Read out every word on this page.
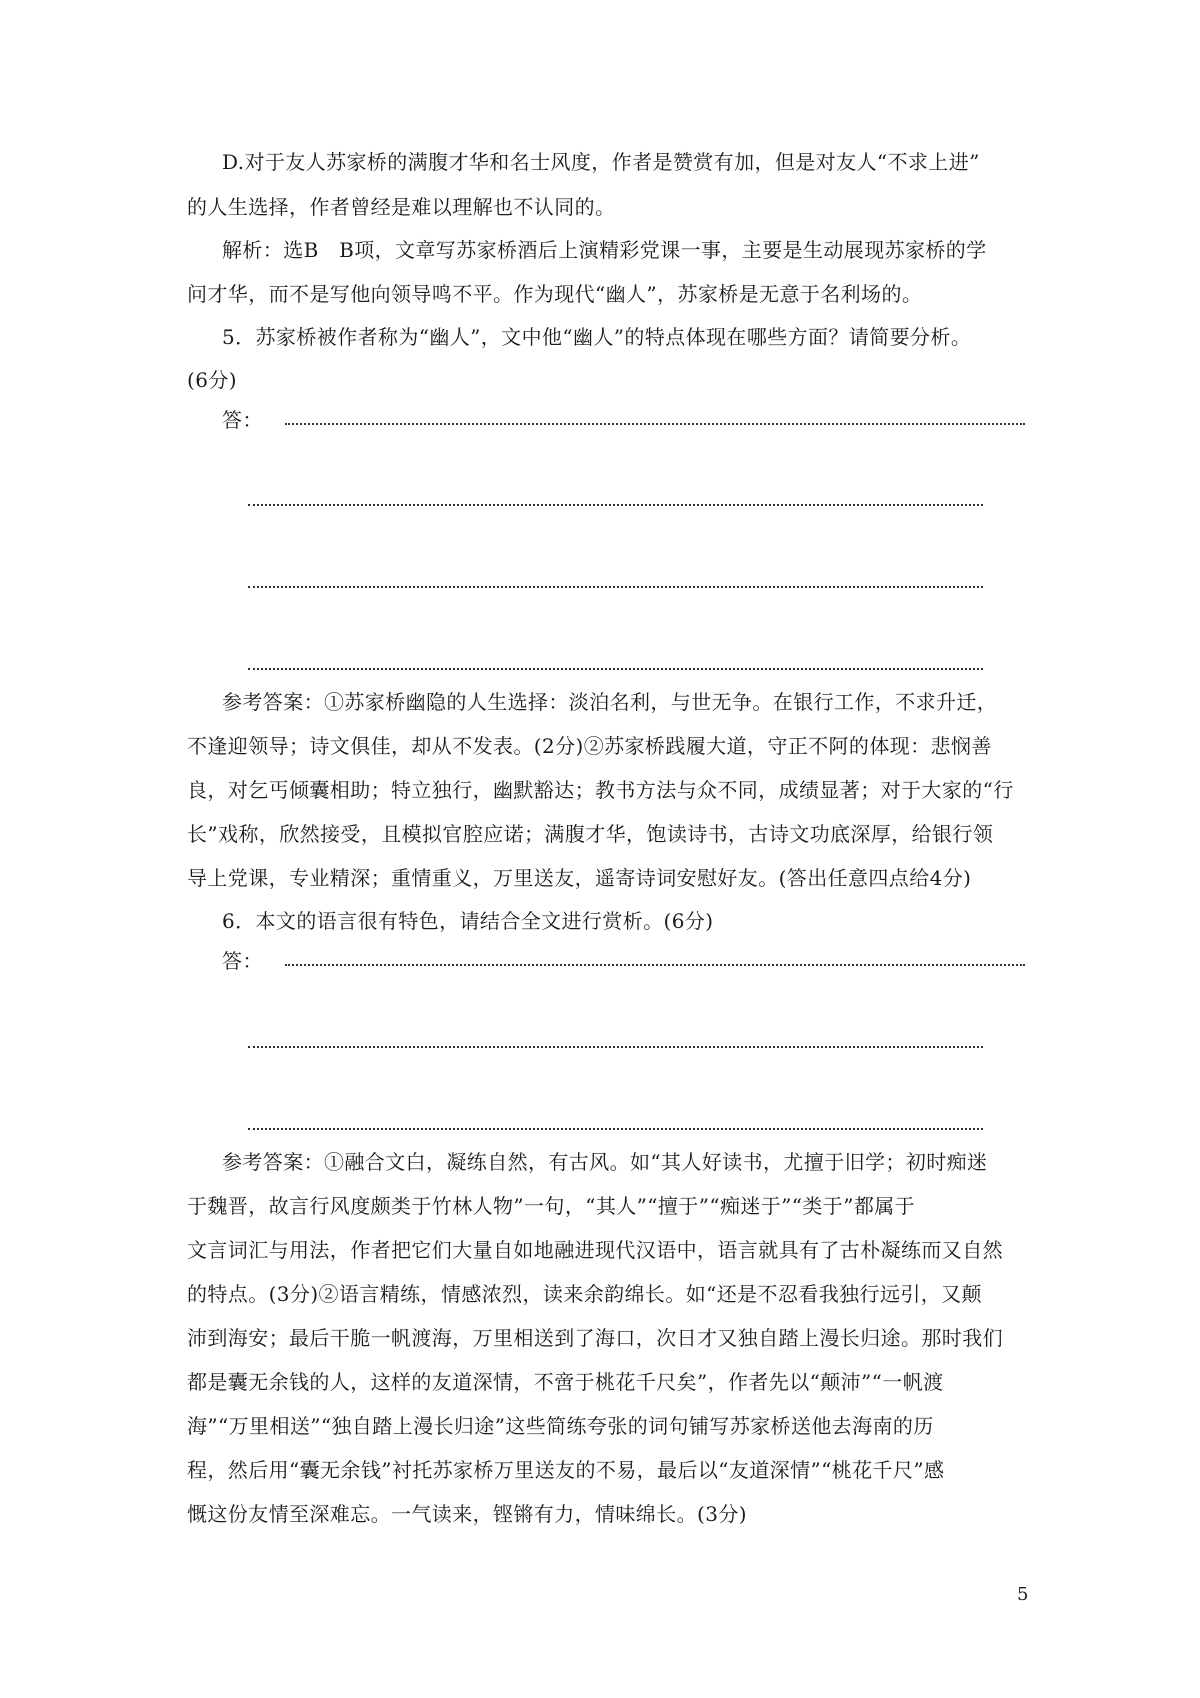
D.对于友人苏家桥的满腹才华和名士风度，作者是赞赏有加，但是对友人“不求上进”
的人生选择，作者曾经是难以理解也不认同的。
解析：选B　B项，文章写苏家桥酒后上演精彩党课一事，主要是生动展现苏家桥的学
问才华，而不是写他向领导鸣不平。作为现代“幽人”，苏家桥是无意于名利场的。
5．苏家桥被作者称为“幽人”，文中他“幽人”的特点体现在哪些方面？请简要分析。
(6分)
答：
参考答案：①苏家桥幽隐的人生选择：淡泊名利，与世无争。在银行工作，不求升迁，
不逢迎领导；诗文俱佳，却从不发表。(2分)②苏家桥践履大道，守正不阿的体现：悲悯善
良，对乞丐倾囊相助；特立独行，幽默豁达；教书方法与众不同，成绩显著；对于大家的“行
长”戏称，欣然接受，且模拟官腔应诺；满腹才华，饱读诗书，古诗文功底深厚，给银行领
导上党课，专业精深；重情重义，万里送友，遥寄诗词安慰好友。(答出任意四点给4分)
6．本文的语言很有特色，请结合全文进行赏析。(6分)
答：
参考答案：①融合文白，凝练自然，有古风。如“其人好读书，尤擅于旧学；初时痴迷
于魏晋，故言行风度颇类于竹林人物”一句，“其人”“擅于”“痴迷于”“类于”都属于
文言词汇与用法，作者把它们大量自如地融进现代汉语中，语言就具有了古朴凝练而又自然
的特点。(3分)②语言精练，情感浓烈，读来余韵绵长。如“还是不忍看我独行远引，又颠
沛到海安；最后干脆一帆渡海，万里相送到了海口，次日才又独自踏上漫长归途。那时我们
都是囊无余钱的人，这样的友道深情，不啻于桃花千尺矣”，作者先以“颠沛”“一帆渡
海”“万里相送”“独自踏上漫长归途”这些简练夸张的词句铺写苏家桥送他去海南的历
程，然后用“囊无余钱”衬托苏家桥万里送友的不易，最后以“友道深情”“桃花千尺”感
慨这份友情至深难忘。一气读来，铿锵有力，情味绵长。(3分)
5
